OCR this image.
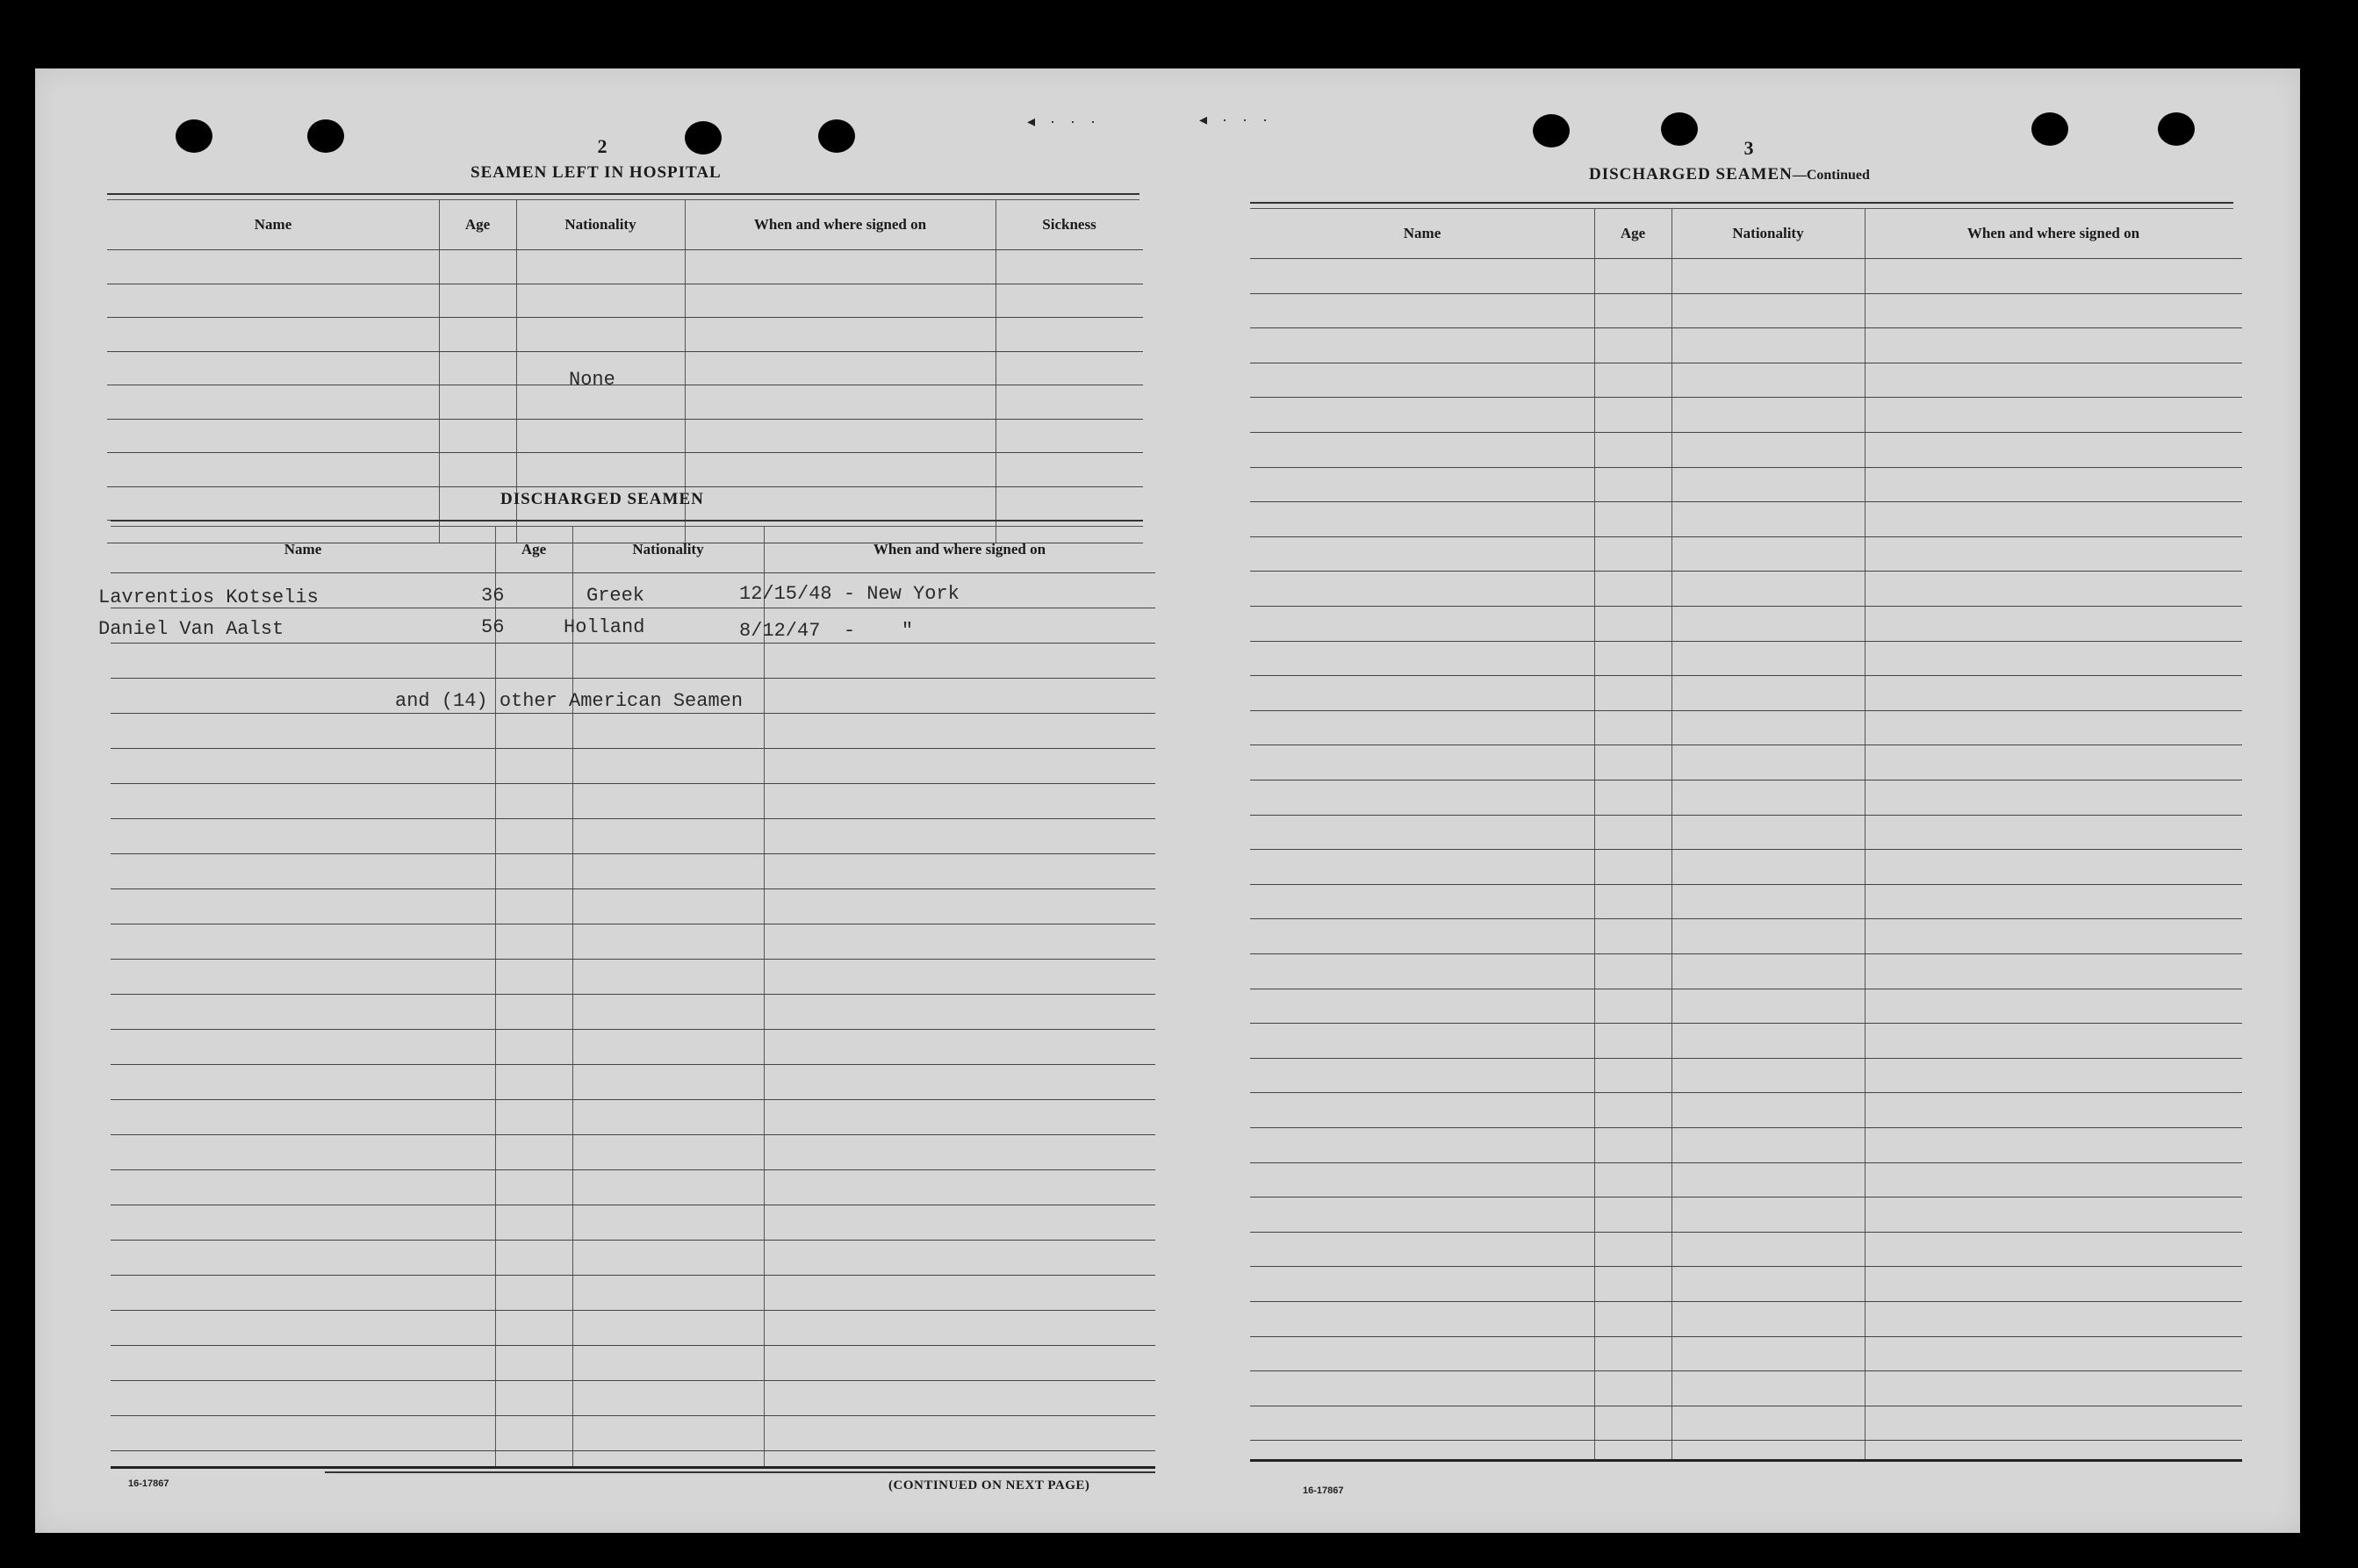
◂ · · ·	◂ · · ·
2
SEAMEN LEFT IN HOSPITAL
Name	Age	Nationality	When and where signed on	Sickness
None
DISCHARGED SEAMEN
Name	Age	Nationality	When and where signed on
Lavrentios Kotselis	36	Greek	12/15/48 - New York
Daniel Van Aalst	56	Holland	8/12/47  -    "
and (14) other American Seamen
16-17867	(CONTINUED ON NEXT PAGE)
3
DISCHARGED SEAMEN—Continued
Name	Age	Nationality	When and where signed on
16-17867
